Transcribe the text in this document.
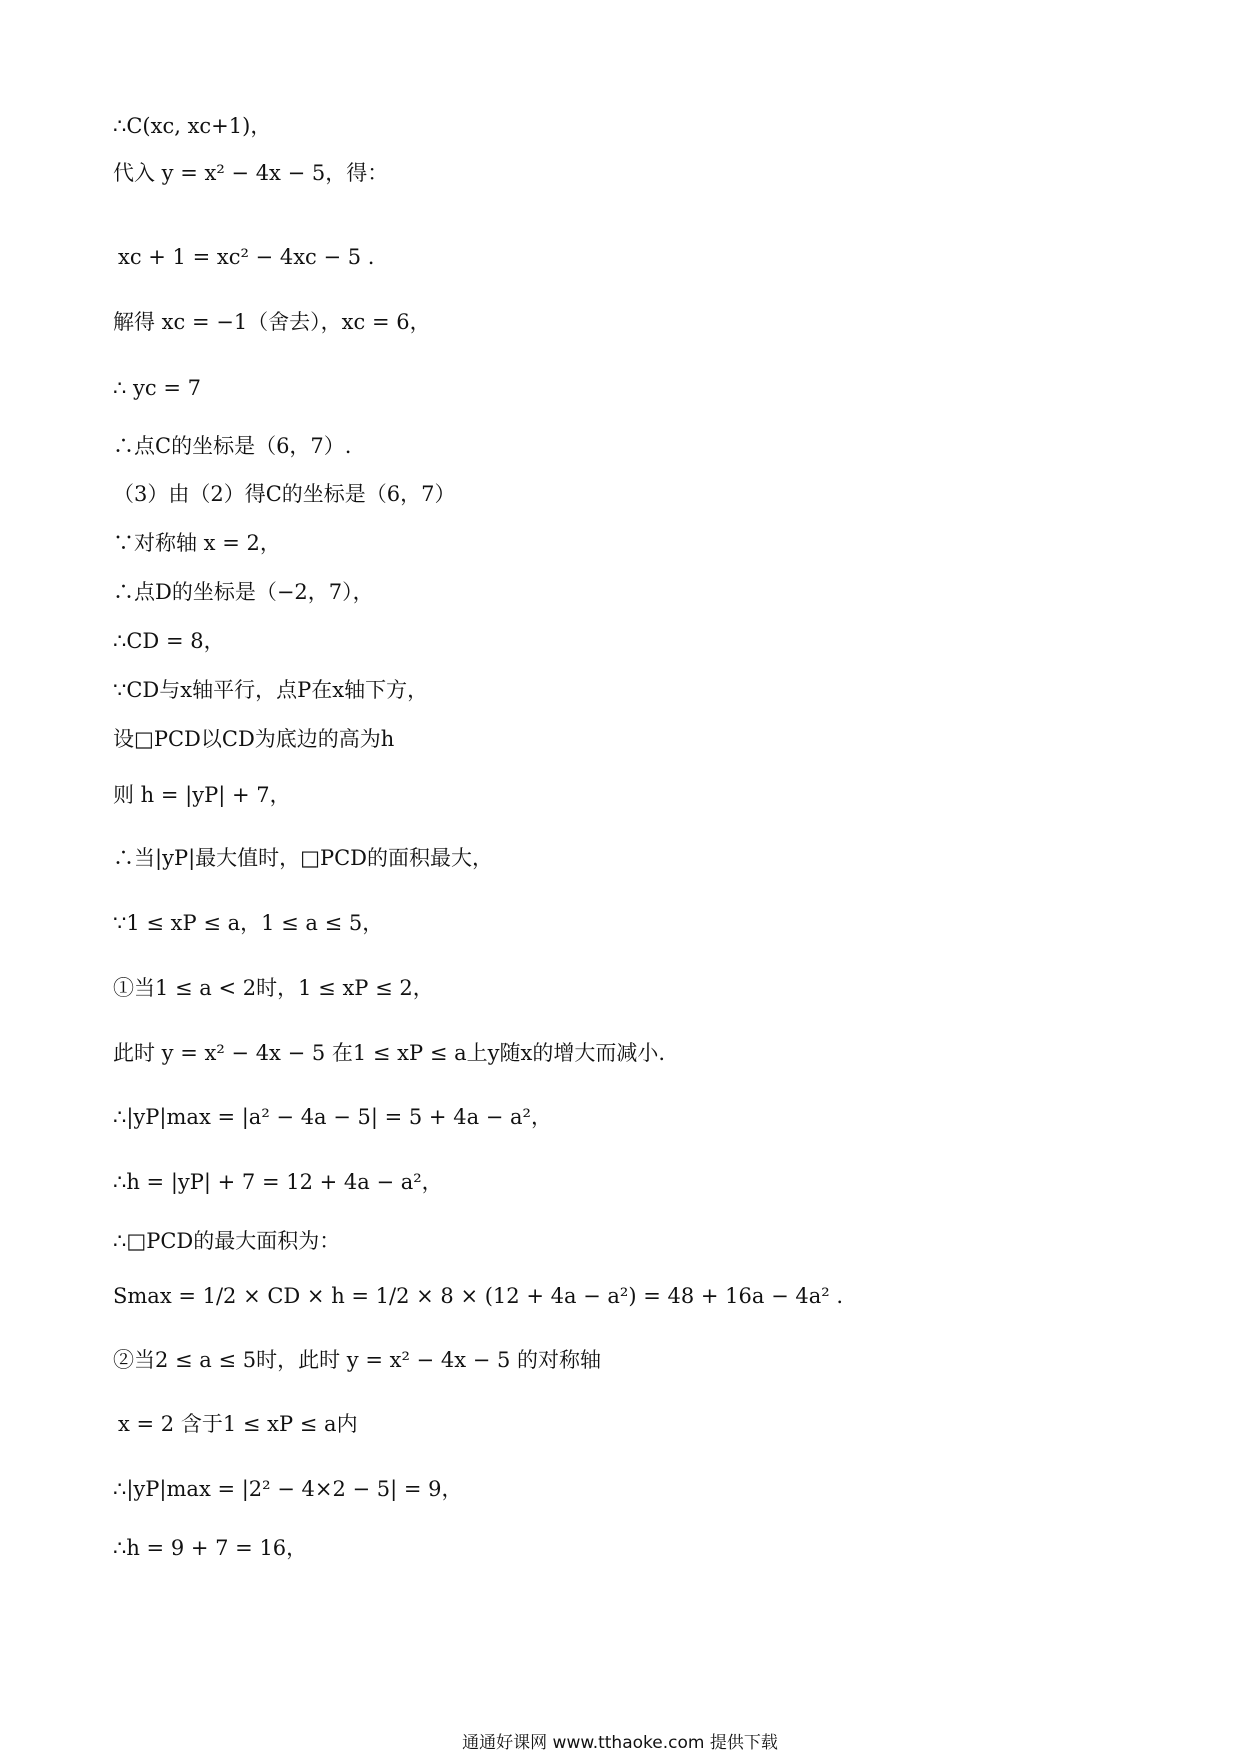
∴C(xc, xc+1)，
代入 y = x² − 4x − 5，得：
xc + 1 = xc² − 4xc − 5 .
解得 xc = −1（舍去），xc = 6，
∴ yc = 7
∴点C的坐标是（6，7）.
（3）由（2）得C的坐标是（6，7）
∵对称轴 x = 2，
∴点D的坐标是（−2，7），
∴CD = 8，
∵CD与x轴平行，点P在x轴下方，
设□PCD以CD为底边的高为h
则 h = |yP| + 7，
∴当|yP|最大值时，□PCD的面积最大，
∵1 ≤ xP ≤ a，1 ≤ a ≤ 5，
①当1 ≤ a < 2时，1 ≤ xP ≤ 2，
此时 y = x² − 4x − 5 在1 ≤ xP ≤ a上y随x的增大而减小.
∴|yP|max = |a² − 4a − 5| = 5 + 4a − a²，
∴h = |yP| + 7 = 12 + 4a − a²，
∴□PCD的最大面积为：
Smax = 1/2 × CD × h = 1/2 × 8 × (12 + 4a − a²) = 48 + 16a − 4a² .
②当2 ≤ a ≤ 5时，此时 y = x² − 4x − 5 的对称轴
x = 2 含于1 ≤ xP ≤ a内
∴|yP|max = |2² − 4×2 − 5| = 9，
∴h = 9 + 7 = 16，
通通好课网 www.tthaoke.com 提供下载
